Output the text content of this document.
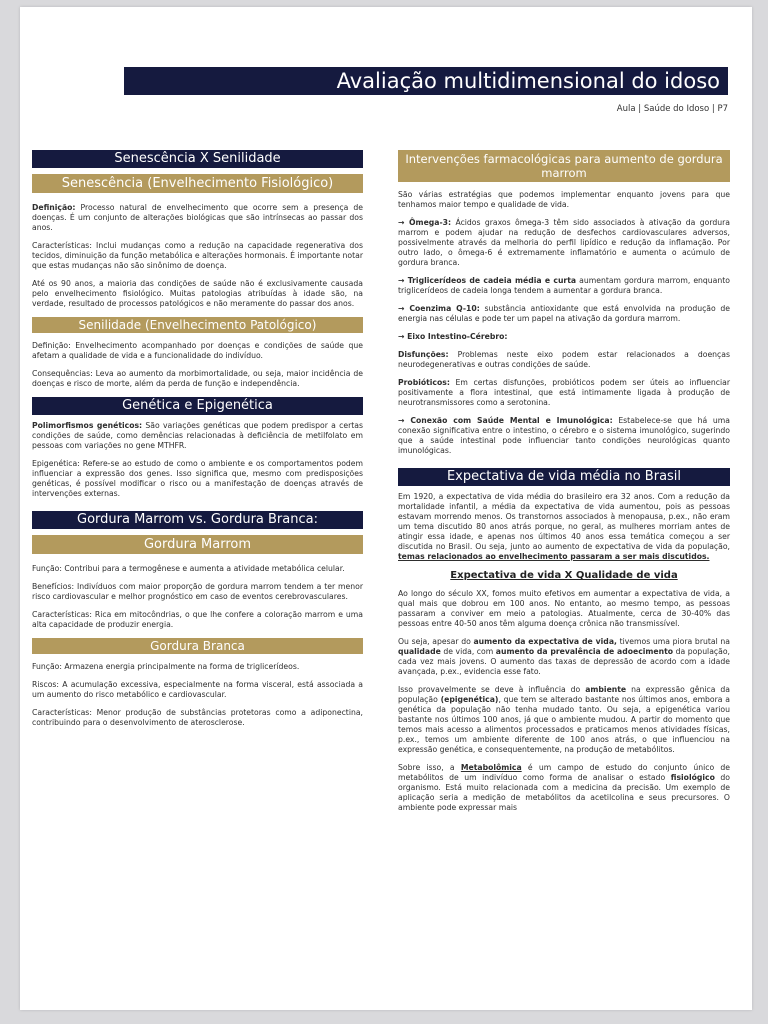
Avaliação multidimensional do idoso
Aula | Saúde do Idoso | P7
Senescência X Senilidade
Senescência (Envelhecimento Fisiológico)

Definição: Processo natural de envelhecimento que ocorre sem a presença de doenças. É um conjunto de alterações biológicas que são intrínsecas ao passar dos anos.

Características: Inclui mudanças como a redução na capacidade regenerativa dos tecidos, diminuição da função metabólica e alterações hormonais. É importante notar que estas mudanças não são sinônimo de doença.

Até os 90 anos, a maioria das condições de saúde não é exclusivamente causada pelo envelhecimento fisiológico. Muitas patologias atribuídas à idade são, na verdade, resultado de processos patológicos e não meramente do passar dos anos.

Senilidade (Envelhecimento Patológico)

Definição: Envelhecimento acompanhado por doenças e condições de saúde que afetam a qualidade de vida e a funcionalidade do indivíduo.

Consequências: Leva ao aumento da morbimortalidade, ou seja, maior incidência de doenças e risco de morte, além da perda de função e independência.

Genética e Epigenética

Polimorfismos genéticos: São variações genéticas que podem predispor a certas condições de saúde, como demências relacionadas à deficiência de metilfolato em pessoas com variações no gene MTHFR.

Epigenética: Refere-se ao estudo de como o ambiente e os comportamentos podem influenciar a expressão dos genes. Isso significa que, mesmo com predisposições genéticas, é possível modificar o risco ou a manifestação de doenças através de intervenções externas.

Gordura Marrom vs. Gordura Branca:
Gordura Marrom

Função: Contribui para a termogênese e aumenta a atividade metabólica celular.

Benefícios: Indivíduos com maior proporção de gordura marrom tendem a ter menor risco cardiovascular e melhor prognóstico em caso de eventos cerebrovasculares.

Características: Rica em mitocôndrias, o que lhe confere a coloração marrom e uma alta capacidade de produzir energia.

Gordura Branca

Função: Armazena energia principalmente na forma de triglicerídeos.

Riscos: A acumulação excessiva, especialmente na forma visceral, está associada a um aumento do risco metabólico e cardiovascular.

Características: Menor produção de substâncias protetoras como a adiponectina, contribuindo para o desenvolvimento de aterosclerose.

Intervenções farmacológicas para aumento de gordura marrom

São várias estratégias que podemos implementar enquanto jovens para que tenhamos maior tempo e qualidade de vida.

→ Ômega-3: Ácidos graxos ômega-3 têm sido associados à ativação da gordura marrom e podem ajudar na redução de desfechos cardiovasculares adversos, possivelmente através da melhoria do perfil lipídico e redução da inflamação. Por outro lado, o ômega-6 é extremamente inflamatório e aumenta o acúmulo de gordura branca.

→ Triglicerídeos de cadeia média e curta aumentam gordura marrom, enquanto triglicerídeos de cadeia longa tendem a aumentar a gordura branca.

→ Coenzima Q-10: substância antioxidante que está envolvida na produção de energia nas células e pode ter um papel na ativação da gordura marrom.

→ Eixo Intestino-Cérebro:

Disfunções: Problemas neste eixo podem estar relacionados a doenças neurodegenerativas e outras condições de saúde.

Probióticos: Em certas disfunções, probióticos podem ser úteis ao influenciar positivamente a flora intestinal, que está intimamente ligada à produção de neurotransmissores como a serotonina.

→ Conexão com Saúde Mental e Imunológica: Estabelece-se que há uma conexão significativa entre o intestino, o cérebro e o sistema imunológico, sugerindo que a saúde intestinal pode influenciar tanto condições neurológicas quanto imunológicas.

Expectativa de vida média no Brasil

Em 1920, a expectativa de vida média do brasileiro era 32 anos. Com a redução da mortalidade infantil, a média da expectativa de vida aumentou, pois as pessoas estavam morrendo menos. Os transtornos associados à menopausa, p.ex., não eram um tema discutido 80 anos atrás porque, no geral, as mulheres morriam antes de atingir essa idade, e apenas nos últimos 40 anos essa temática começou a ser discutida no Brasil. Ou seja, junto ao aumento de expectativa de vida da população, temas relacionados ao envelhecimento passaram a ser mais discutidos.

Expectativa de vida X Qualidade de vida

Ao longo do século XX, fomos muito efetivos em aumentar a expectativa de vida, a qual mais que dobrou em 100 anos. No entanto, ao mesmo tempo, as pessoas passaram a conviver em meio a patologias. Atualmente, cerca de 30-40% das pessoas entre 40-50 anos têm alguma doença crônica não transmissível.

Ou seja, apesar do aumento da expectativa de vida, tivemos uma piora brutal na qualidade de vida, com aumento da prevalência de adoecimento da população, cada vez mais jovens. O aumento das taxas de depressão de acordo com a idade avançada, p.ex., evidencia esse fato.

Isso provavelmente se deve à influência do ambiente na expressão gênica da população (epigenética), que tem se alterado bastante nos últimos anos, embora a genética da população não tenha mudado tanto. Ou seja, a epigenética variou bastante nos últimos 100 anos, já que o ambiente mudou. A partir do momento que temos mais acesso a alimentos processados e praticamos menos atividades físicas, p.ex., temos um ambiente diferente de 100 anos atrás, o que influenciou na expressão genética, e consequentemente, na produção de metabólitos.

Sobre isso, a Metabolômica é um campo de estudo do conjunto único de metabólitos de um indivíduo como forma de analisar o estado fisiológico do organismo. Está muito relacionada com a medicina da precisão. Um exemplo de aplicação seria a medição de metabólitos da acetilcolina e seus precursores. O ambiente pode expressar mais
